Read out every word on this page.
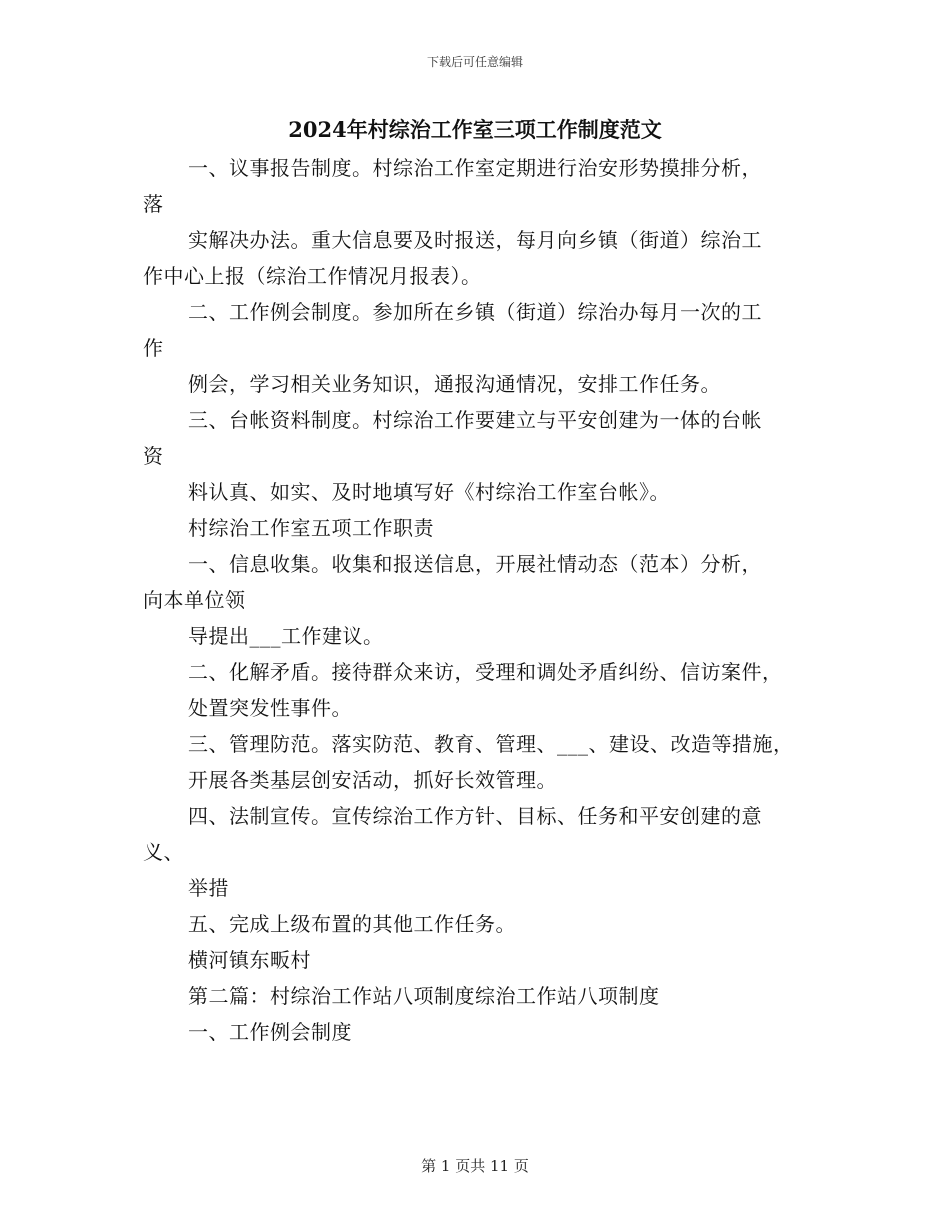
下载后可任意编辑
2024年村综治工作室三项工作制度范文
一、议事报告制度。村综治工作室定期进行治安形势摸排分析，
落
实解决办法。重大信息要及时报送，每月向乡镇（街道）综治工
作中心上报（综治工作情况月报表）。
二、工作例会制度。参加所在乡镇（街道）综治办每月一次的工
作
例会，学习相关业务知识，通报沟通情况，安排工作任务。
三、台帐资料制度。村综治工作要建立与平安创建为一体的台帐
资
料认真、如实、及时地填写好《村综治工作室台帐》。
村综治工作室五项工作职责
一、信息收集。收集和报送信息，开展社情动态（范本）分析，
向本单位领
导提出___工作建议。
二、化解矛盾。接待群众来访，受理和调处矛盾纠纷、信访案件，
处置突发性事件。
三、管理防范。落实防范、教育、管理、___、建设、改造等措施，
开展各类基层创安活动，抓好长效管理。
四、法制宣传。宣传综治工作方针、目标、任务和平安创建的意
义、
举措
五、完成上级布置的其他工作任务。
横河镇东畈村
第二篇：村综治工作站八项制度综治工作站八项制度
一、工作例会制度
第 1 页共 11 页
